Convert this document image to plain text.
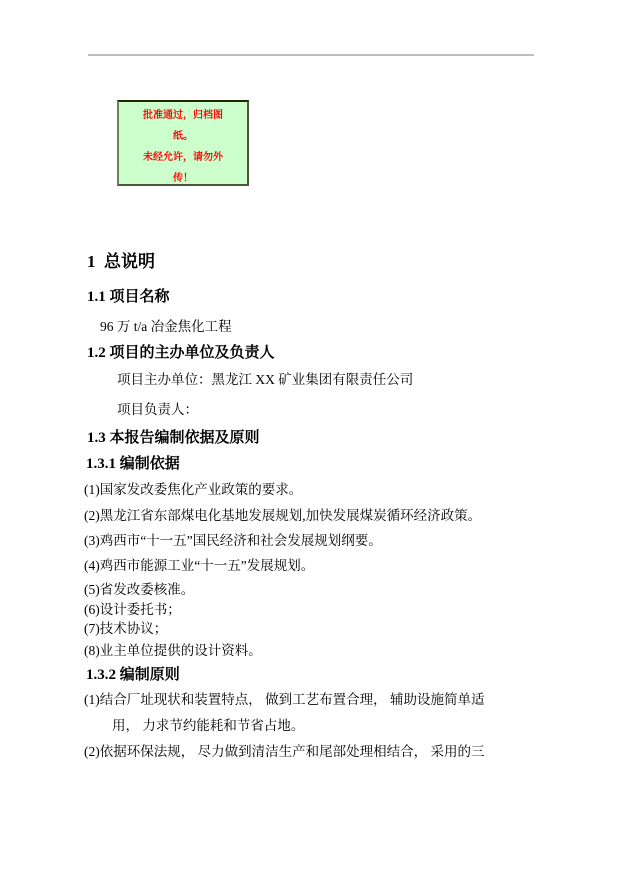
批准通过，归档图
纸。
未经允许，请勿外
传！
1  总说明
1.1 项目名称
96 万 t/a 冶金焦化工程
1.2 项目的主办单位及负责人
项目主办单位：黑龙江 XX 矿业集团有限责任公司
项目负责人：
1.3 本报告编制依据及原则
1.3.1 编制依据
(1)国家发改委焦化产业政策的要求。
(2)黑龙江省东部煤电化基地发展规划,加快发展煤炭循环经济政策。
(3)鸡西市“十一五”国民经济和社会发展规划纲要。
(4)鸡西市能源工业“十一五”发展规划。
(5)省发改委核准。
(6)设计委托书；
(7)技术协议；
(8)业主单位提供的设计资料。
1.3.2 编制原则
(1)结合厂址现状和装置特点， 做到工艺布置合理， 辅助设施简单适
用， 力求节约能耗和节省占地。
(2)依据环保法规， 尽力做到清洁生产和尾部处理相结合， 采用的三
